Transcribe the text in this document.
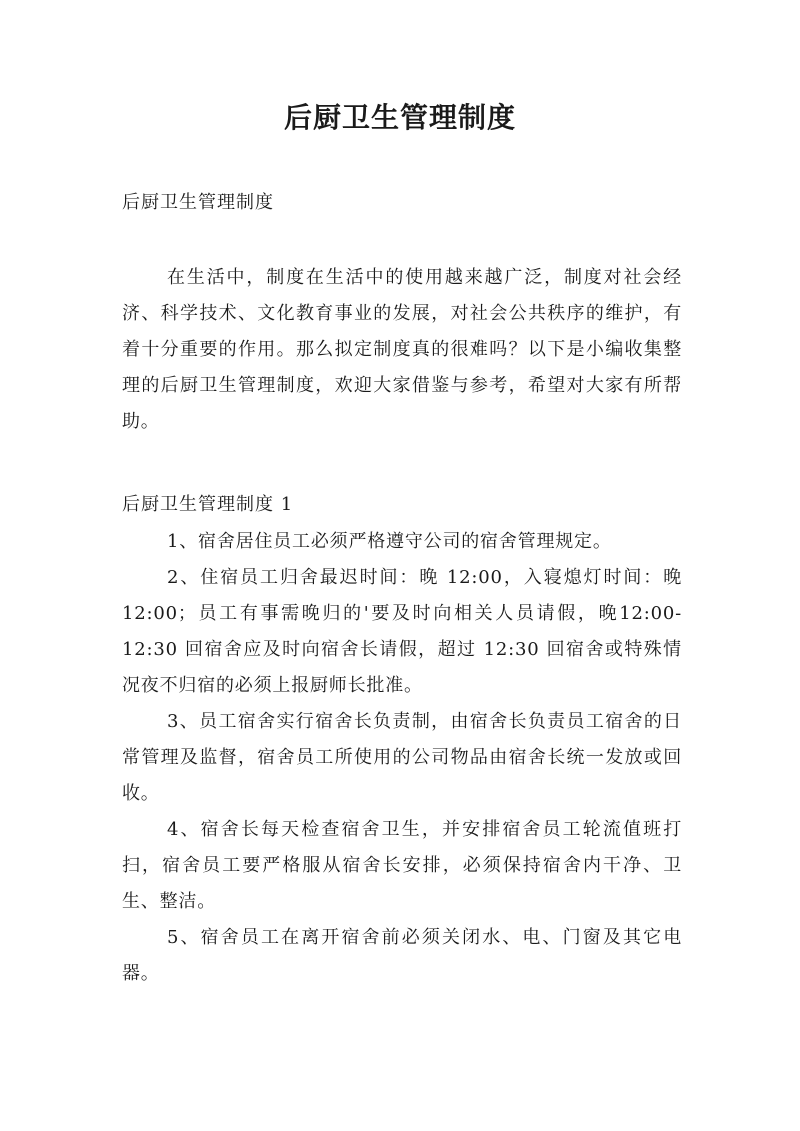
后厨卫生管理制度

后厨卫生管理制度

在生活中，制度在生活中的使用越来越广泛，制度对社会经济、科学技术、文化教育事业的发展，对社会公共秩序的维护，有着十分重要的作用。那么拟定制度真的很难吗？以下是小编收集整理的后厨卫生管理制度，欢迎大家借鉴与参考，希望对大家有所帮助。

后厨卫生管理制度 1

1、宿舍居住员工必须严格遵守公司的宿舍管理规定。
2、住宿员工归舍最迟时间：晚 12:00，入寝熄灯时间：晚 12:00；员工有事需晚归的'要及时向相关人员请假，晚12:00-12:30 回宿舍应及时向宿舍长请假，超过 12:30 回宿舍或特殊情况夜不归宿的必须上报厨师长批准。
3、员工宿舍实行宿舍长负责制，由宿舍长负责员工宿舍的日常管理及监督，宿舍员工所使用的公司物品由宿舍长统一发放或回收。
4、宿舍长每天检查宿舍卫生，并安排宿舍员工轮流值班打扫，宿舍员工要严格服从宿舍长安排，必须保持宿舍内干净、卫生、整洁。
5、宿舍员工在离开宿舍前必须关闭水、电、门窗及其它电器。
